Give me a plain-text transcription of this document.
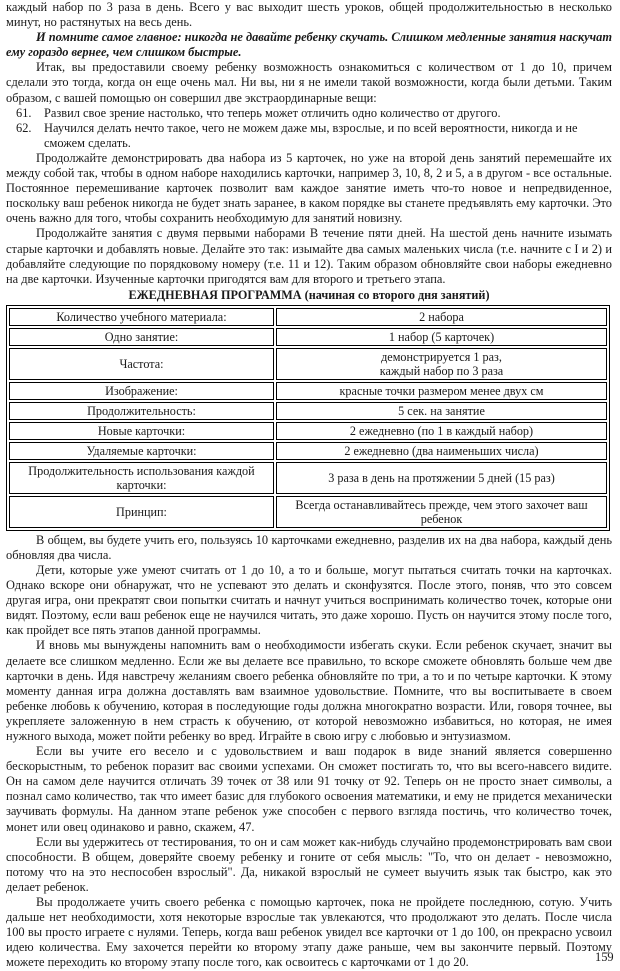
каждый набор по 3 раза в день. Всего у вас выходит шесть уроков, общей продолжительностью в несколько минут, но растянутых на весь день.

И помните самое главное: никогда не давайте ребенку скучать. Слишком медленные занятия наскучат ему гораздо вернее, чем слишком быстрые.

Итак, вы предоставили своему ребенку возможность ознакомиться с количеством от 1 до 10, причем сделали это тогда, когда он еще очень мал. Ни вы, ни я не имели такой возможности, когда были детьми. Таким образом, с вашей помощью он совершил две экстраординарные вещи:

61. Развил свое зрение настолько, что теперь может отличить одно количество от другого.
62. Научился делать нечто такое, чего не можем даже мы, взрослые, и по всей вероятности, никогда и не сможем сделать.

Продолжайте демонстрировать два набора из 5 карточек, но уже на второй день занятий перемешайте их между собой так, чтобы в одном наборе находились карточки, например 3, 10, 8, 2 и 5, а в другом - все остальные. Постоянное перемешивание карточек позволит вам каждое занятие иметь что-то новое и непредвиденное, поскольку ваш ребенок никогда не будет знать заранее, в каком порядке вы станете предъявлять ему карточки. Это очень важно для того, чтобы сохранить необходимую для занятий новизну.

Продолжайте занятия с двумя первыми наборами В течение пяти дней. На шестой день начните изымать старые карточки и добавлять новые. Делайте это так: изымайте два самых маленьких числа (т.е. начните с I и 2) и добавляйте следующие по порядковому номеру (т.е. 11 и 12). Таким образом обновляйте свои наборы ежедневно на две карточки. Изученные карточки пригодятся вам для второго и третьего этапа.

ЕЖЕДНЕВНАЯ ПРОГРАММА (начиная со второго дня занятий)
Количество учебного материала:	2 набора
Одно занятие:	1 набор (5 карточек)
Частота:	демонстрируется 1 раз,
каждый набор по 3 раза
Изображение:	красные точки размером менее двух см
Продолжительность:	5 сек. на занятие
Новые карточки:	2 ежедневно (по 1 в каждый набор)
Удаляемые карточки:	2 ежедневно (два наименьших числа)
Продолжительность использования каждой карточки:	3 раза в день на протяжении 5 дней (15 раз)
Принцип:	Всегда останавливайтесь прежде, чем этого захочет ваш ребенок

В общем, вы будете учить его, пользуясь 10 карточками ежедневно, разделив их на два набора, каждый день обновляя два числа.

Дети, которые уже умеют считать от 1 до 10, а то и больше, могут пытаться считать точки на карточках. Однако вскоре они обнаружат, что не успевают это делать и сконфузятся. После этого, поняв, что это совсем другая игра, они прекратят свои попытки считать и начнут учиться воспринимать количество точек, которые они видят. Поэтому, если ваш ребенок еще не научился читать, это даже хорошо. Пусть он научится этому после того, как пройдет все пять этапов данной программы.

И вновь мы вынуждены напомнить вам о необходимости избегать скуки. Если ребенок скучает, значит вы делаете все слишком медленно. Если же вы делаете все правильно, то вскоре сможете обновлять больше чем две карточки в день. Идя навстречу желаниям своего ребенка обновляйте по три, а то и по четыре карточки. К этому моменту данная игра должна доставлять вам взаимное удовольствие. Помните, что вы воспитываете в своем ребенке любовь к обучению, которая в последующие годы должна многократно возрасти. Или, говоря точнее, вы укрепляете заложенную в нем страсть к обучению, от которой невозможно избавиться, но которая, не имея нужного выхода, может пойти ребенку во вред. Играйте в свою игру с любовью и энтузиазмом.

Если вы учите его весело и с удовольствием и ваш подарок в виде знаний является совершенно бескорыстным, то ребенок поразит вас своими успехами. Он сможет постигать то, что вы всего-навсего видите. Он на самом деле научится отличать 39 точек от 38 или 91 точку от 92. Теперь он не просто знает символы, а познал само количество, так что имеет базис для глубокого освоения математики, и ему не придется механически заучивать формулы. На данном этапе ребенок уже способен с первого взгляда постичь, что количество точек, монет или овец одинаково и равно, скажем, 47.

Если вы удержитесь от тестирования, то он и сам может как-нибудь случайно продемонстрировать вам свои способности. В общем, доверяйте своему ребенку и гоните от себя мысль: "То, что он делает - невозможно, потому что на это неспособен взрослый". Да, никакой взрослый не сумеет выучить язык так быстро, как это делает ребенок.

Вы продолжаете учить своего ребенка с помощью карточек, пока не пройдете последнюю, сотую. Учить дальше нет необходимости, хотя некоторые взрослые так увлекаются, что продолжают это делать. После числа 100 вы просто играете с нулями. Теперь, когда ваш ребенок увидел все карточки от 1 до 100, он прекрасно усвоил идею количества. Ему захочется перейти ко второму этапу даже раньше, чем вы закончите первый. Поэтому можете переходить ко второму этапу после того, как освоитесь с карточками от 1 до 20.	159
